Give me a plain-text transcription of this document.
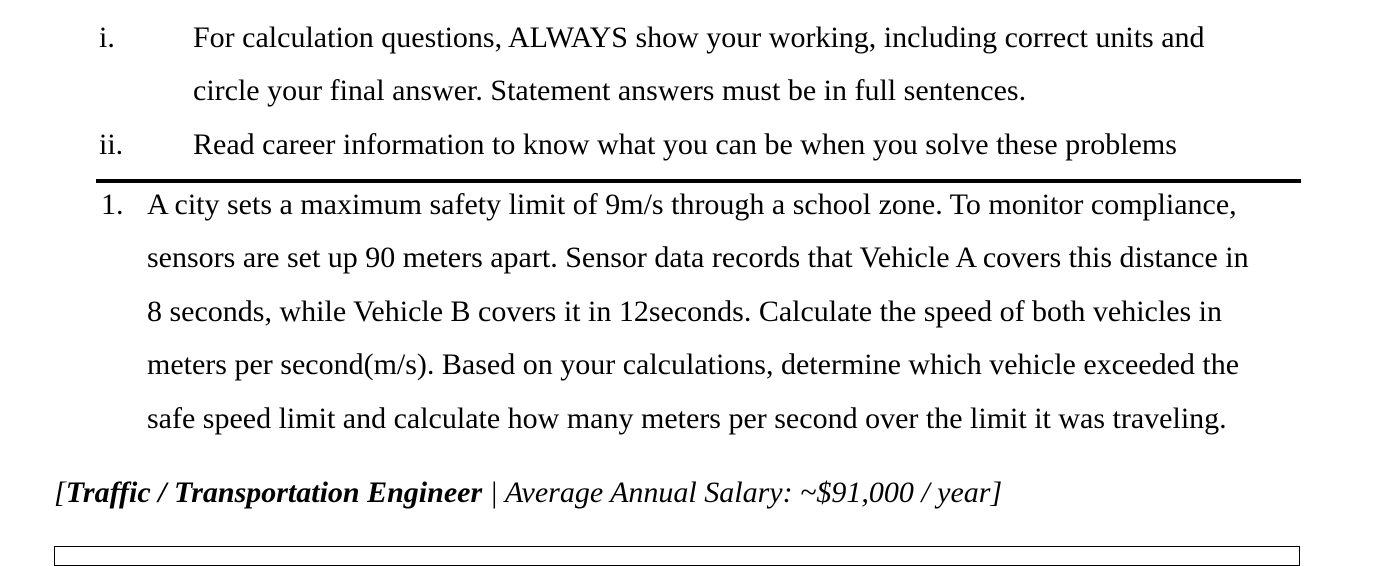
i.	For calculation questions, ALWAYS show your working, including correct units and
circle your final answer. Statement answers must be in full sentences.
ii. Read career information to know what you can be when you solve these problems
1. A city sets a maximum safety limit of 9m/s through a school zone. To monitor compliance,
sensors are set up 90 meters apart. Sensor data records that Vehicle A covers this distance in
8 seconds, while Vehicle B covers it in 12seconds. Calculate the speed of both vehicles in
meters per second(m/s). Based on your calculations, determine which vehicle exceeded the
safe speed limit and calculate how many meters per second over the limit it was traveling.
[Traffic / Transportation Engineer | Average Annual Salary: ~$91,000 / year]
